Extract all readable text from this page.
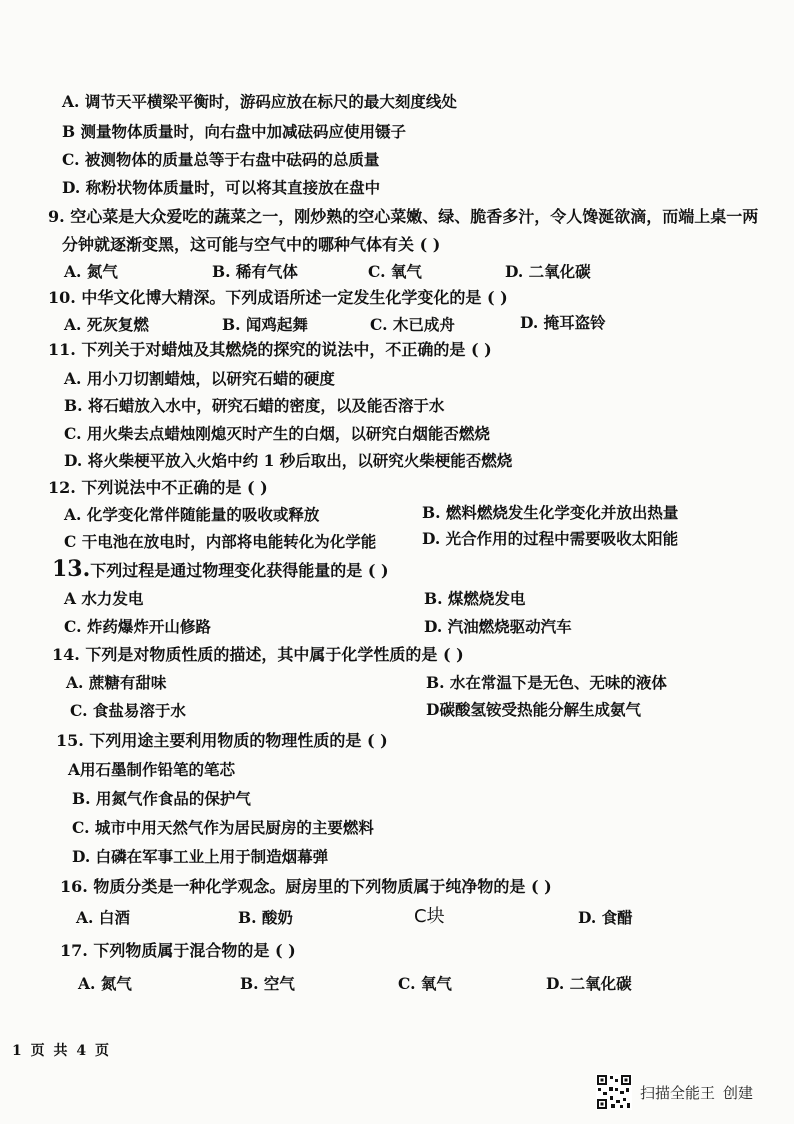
A. 调节天平横梁平衡时，游码应放在标尺的最大刻度线处
B 测量物体质量时，向右盘中加减砝码应使用镊子
C. 被测物体的质量总等于右盘中砝码的总质量
D. 称粉状物体质量时，可以将其直接放在盘中
9. 空心菜是大众爱吃的蔬菜之一，刚炒熟的空心菜嫩、绿、脆香多汁，令人馋涎欲滴，而端上桌一两
分钟就逐渐变黑，这可能与空气中的哪种气体有关 ( )
A. 氮气	B. 稀有气体	C. 氧气	D. 二氧化碳
10. 中华文化博大精深。下列成语所述一定发生化学变化的是 ( )
A. 死灰复燃	B. 闻鸡起舞	C. 木已成舟	D. 掩耳盗铃
11. 下列关于对蜡烛及其燃烧的探究的说法中，不正确的是 ( )
A. 用小刀切割蜡烛，以研究石蜡的硬度
B. 将石蜡放入水中，研究石蜡的密度，以及能否溶于水
C. 用火柴去点蜡烛刚熄灭时产生的白烟，以研究白烟能否燃烧
D. 将火柴梗平放入火焰中约 1 秒后取出，以研究火柴梗能否燃烧
12. 下列说法中不正确的是 ( )
A. 化学变化常伴随能量的吸收或释放	B. 燃料燃烧发生化学变化并放出热量
C 干电池在放电时，内部将电能转化为化学能	D. 光合作用的过程中需要吸收太阳能
13.下列过程是通过物理变化获得能量的是 ( )
A 水力发电	B. 煤燃烧发电
C. 炸药爆炸开山修路	D. 汽油燃烧驱动汽车
14. 下列是对物质性质的描述，其中属于化学性质的是 ( )
A. 蔗糖有甜味	B. 水在常温下是无色、无味的液体
C. 食盐易溶于水	D碳酸氢铵受热能分解生成氨气
15. 下列用途主要利用物质的物理性质的是 ( )
A用石墨制作铅笔的笔芯
B. 用氮气作食品的保护气
C. 城市中用天然气作为居民厨房的主要燃料
D. 白磷在军事工业上用于制造烟幕弹
16. 物质分类是一种化学观念。厨房里的下列物质属于纯净物的是 ( )
A. 白酒	B. 酸奶	C块	D. 食醋
17. 下列物质属于混合物的是 ( )
A. 氮气	B. 空气	C. 氧气	D. 二氧化碳
1 页 共 4 页
扫描全能王 创建
